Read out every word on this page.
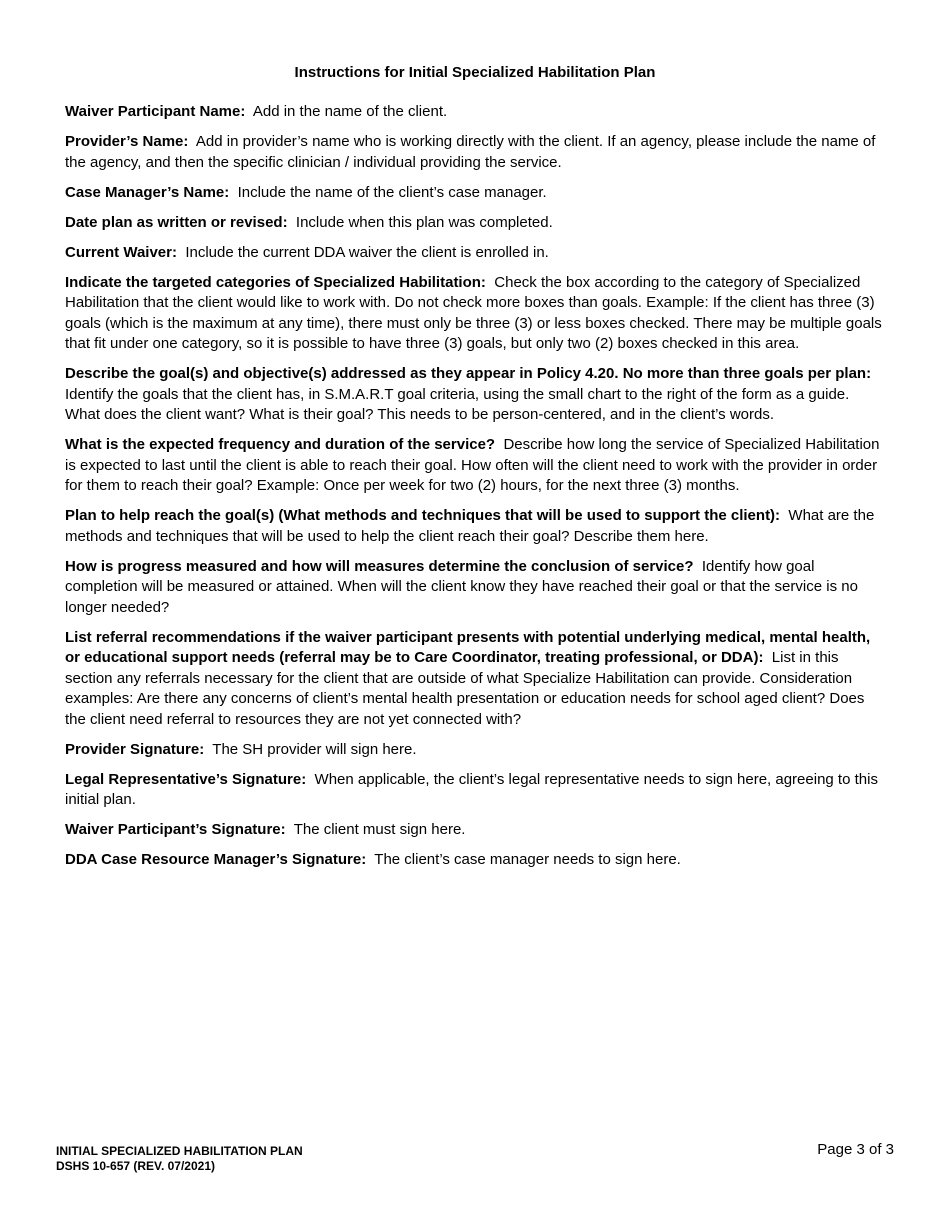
Instructions for Initial Specialized Habilitation Plan

Waiver Participant Name: Add in the name of the client.

Provider’s Name: Add in provider’s name who is working directly with the client. If an agency, please include the name of the agency, and then the specific clinician / individual providing the service.

Case Manager’s Name: Include the name of the client’s case manager.

Date plan as written or revised: Include when this plan was completed.

Current Waiver: Include the current DDA waiver the client is enrolled in.

Indicate the targeted categories of Specialized Habilitation: Check the box according to the category of Specialized Habilitation that the client would like to work with. Do not check more boxes than goals. Example: If the client has three (3) goals (which is the maximum at any time), there must only be three (3) or less boxes checked. There may be multiple goals that fit under one category, so it is possible to have three (3) goals, but only two (2) boxes checked in this area.

Describe the goal(s) and objective(s) addressed as they appear in Policy 4.20. No more than three goals per plan:  Identify the goals that the client has, in S.M.A.R.T goal criteria, using the small chart to the right of the form as a guide. What does the client want? What is their goal? This needs to be person-centered, and in the client’s words.

What is the expected frequency and duration of the service? Describe how long the service of Specialized Habilitation is expected to last until the client is able to reach their goal. How often will the client need to work with the provider in order for them to reach their goal? Example: Once per week for two (2) hours, for the next three (3) months.

Plan to help reach the goal(s) (What methods and techniques that will be used to support the client): What are the methods and techniques that will be used to help the client reach their goal? Describe them here.

How is progress measured and how will measures determine the conclusion of service? Identify how goal completion will be measured or attained. When will the client know they have reached their goal or that the service is no longer needed?

List referral recommendations if the waiver participant presents with potential underlying medical, mental health, or educational support needs (referral may be to Care Coordinator, treating professional, or DDA): List in this section any referrals necessary for the client that are outside of what Specialize Habilitation can provide. Consideration examples: Are there any concerns of client’s mental health presentation or education needs for school aged client? Does the client need referral to resources they are not yet connected with?

Provider Signature: The SH provider will sign here.

Legal Representative’s Signature: When applicable, the client’s legal representative needs to sign here, agreeing to this initial plan.

Waiver Participant’s Signature: The client must sign here.

DDA Case Resource Manager’s Signature: The client’s case manager needs to sign here.

INITIAL SPECIALIZED HABILITATION PLAN
DSHS 10-657 (REV. 07/2021)
Page 3 of 3
